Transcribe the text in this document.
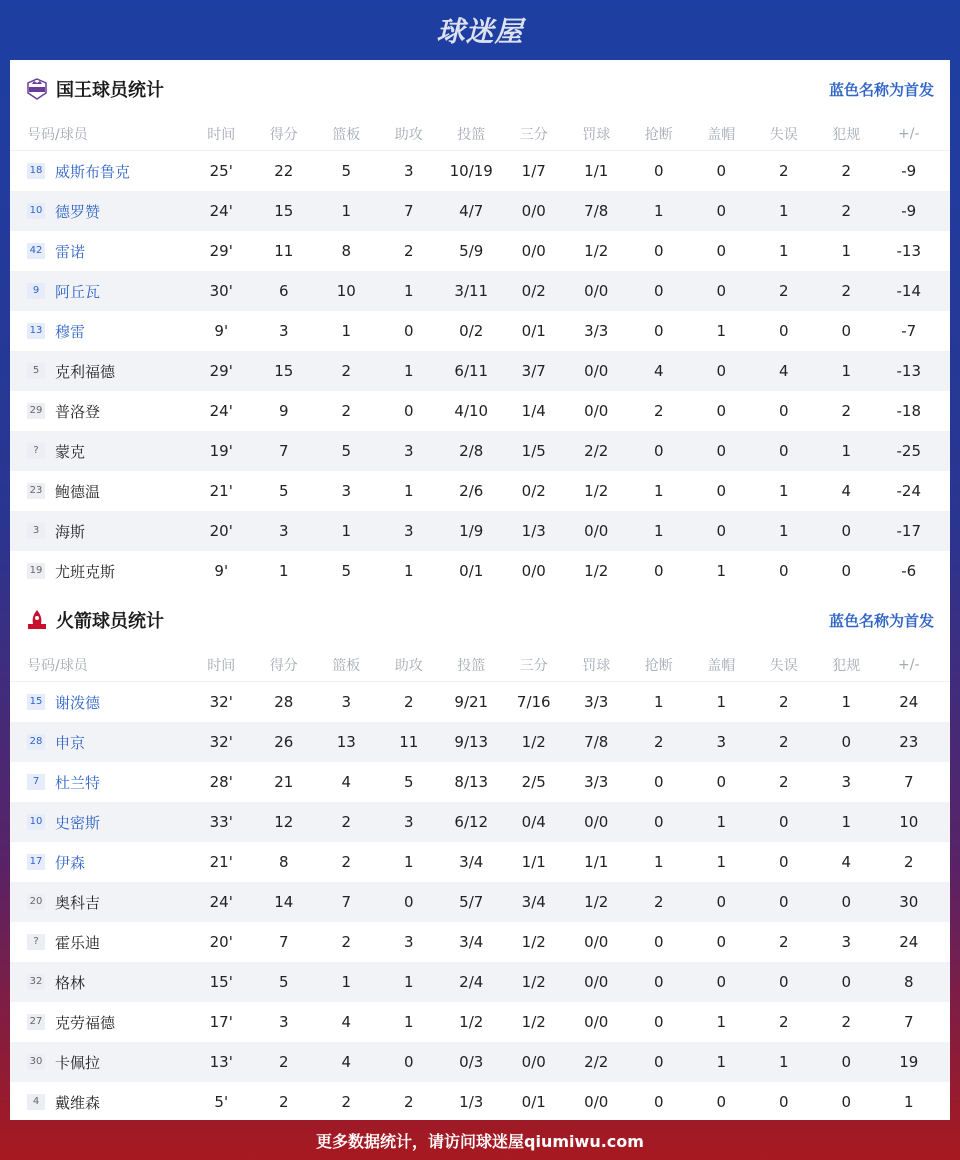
球迷屋
国王球员统计	蓝色名称为首发
号码/球员	时间	得分	篮板	助攻	投篮	三分	罚球	抢断	盖帽	失误	犯规	+/-
18 威斯布鲁克	25'	22	5	3	10/19	1/7	1/1	0	0	2	2	-9
10 德罗赞	24'	15	1	7	4/7	0/0	7/8	1	0	1	2	-9
42 雷诺	29'	11	8	2	5/9	0/0	1/2	0	0	1	1	-13
9	阿丘瓦	30'	6	10	1	3/11	0/2	0/0	0	0	2	2	-14
13 穆雷	9'	3	1	0	0/2	0/1	3/3	0	1	0	0	-7
5	克利福德	29'	15	2	1	6/11	3/7	0/0	4	0	4	1	-13
29 普洛登	24'	9	2	0	4/10	1/4	0/0	2	0	0	2	-18
?	蒙克	19'	7	5	3	2/8	1/5	2/2	0	0	0	1	-25
23 鲍德温	21'	5	3	1	2/6	0/2	1/2	1	0	1	4	-24
3	海斯	20'	3	1	3	1/9	1/3	0/0	1	0	1	0	-17
19 尤班克斯	9'	1	5	1	0/1	0/0	1/2	0	1	0	0	-6
火箭球员统计	蓝色名称为首发
号码/球员	时间	得分	篮板	助攻	投篮	三分	罚球	抢断	盖帽	失误	犯规	+/-
15 谢泼德	32'	28	3	2	9/21	7/16	3/3	1	1	2	1	24
28 申京	32'	26	13	11	9/13	1/2	7/8	2	3	2	0	23
7	杜兰特	28'	21	4	5	8/13	2/5	3/3	0	0	2	3	7
10 史密斯	33'	12	2	3	6/12	0/4	0/0	0	1	0	1	10
17 伊森	21'	8	2	1	3/4	1/1	1/1	1	1	0	4	2
20 奥科吉	24'	14	7	0	5/7	3/4	1/2	2	0	0	0	30
?	霍乐迪	20'	7	2	3	3/4	1/2	0/0	0	0	2	3	24
32 格林	15'	5	1	1	2/4	1/2	0/0	0	0	0	0	8
27 克劳福德	17'	3	4	1	1/2	1/2	0/0	0	1	2	2	7
30 卡佩拉	13'	2	4	0	0/3	0/0	2/2	0	1	1	0	19
4	戴维森	5'	2	2	2	1/3	0/1	0/0	0	0	0	0	1
更多数据统计，请访问球迷屋qiumiwu.com
